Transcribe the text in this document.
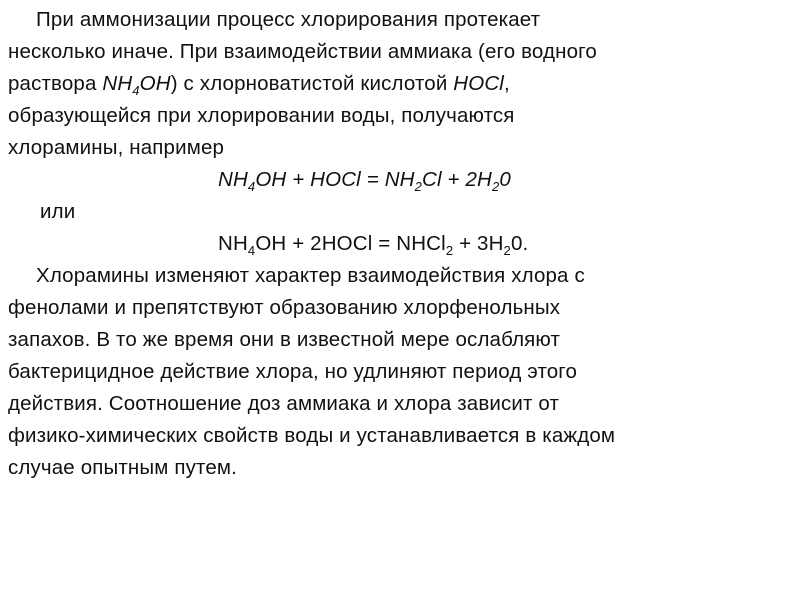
При аммонизации процесс хлорирования протекает
несколько иначе. При взаимодействии аммиака (его водного
раствора $NH_4OH$) с хлорноватистой кислотой HOCl,
образующейся при хлорировании воды, получаются
хлорамины, например
$NH_4OH$ + HOCl = $NH_2Cl + 2H_20$
или
$NH_4OH$ + 2HOCl = NHCl$_2$ + $3H_20$.
Хлорамины изменяют характер взаимодействия хлора с
фенолами и препятствуют образованию хлорфенольных
запахов. В то же время они в известной мере ослабляют
бактерицидное действие хлора, но удлиняют период этого
действия. Соотношение доз аммиака и хлора зависит от
физико-химических свойств воды и устанавливается в каждом
случае опытным путем.
